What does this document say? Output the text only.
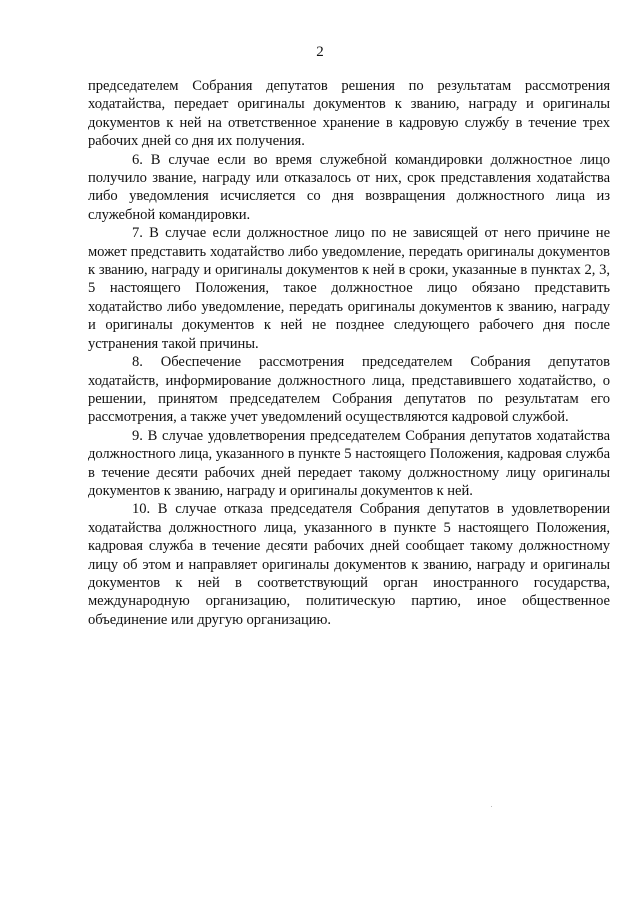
2

председателем Собрания депутатов решения по результатам рассмотрения ходатайства, передает оригиналы документов к званию, награду и оригиналы документов к ней на ответственное хранение в кадровую службу в течение трех рабочих дней со дня их получения.

6. В случае если во время служебной командировки должностное лицо получило звание, награду или отказалось от них, срок представления ходатайства либо уведомления исчисляется со дня возвращения должностного лица из служебной командировки.

7. В случае если должностное лицо по не зависящей от него причине не может представить ходатайство либо уведомление, передать оригиналы документов к званию, награду и оригиналы документов к ней в сроки, указанные в пунктах 2, 3, 5 настоящего Положения, такое должностное лицо обязано представить ходатайство либо уведомление, передать оригиналы документов к званию, награду и оригиналы документов к ней не позднее следующего рабочего дня после устранения такой причины.

8. Обеспечение рассмотрения председателем Собрания депутатов ходатайств, информирование должностного лица, представившего ходатайство, о решении, принятом председателем Собрания депутатов по результатам его рассмотрения, а также учет уведомлений осуществляются кадровой службой.

9. В случае удовлетворения председателем Собрания депутатов ходатайства должностного лица, указанного в пункте 5 настоящего Положения, кадровая служба в течение десяти рабочих дней передает такому должностному лицу оригиналы документов к званию, награду и оригиналы документов к ней.

10. В случае отказа председателя Собрания депутатов в удовлетворении ходатайства должностного лица, указанного в пункте 5 настоящего Положения, кадровая служба в течение десяти рабочих дней сообщает такому должностному лицу об этом и направляет оригиналы документов к званию, награду и оригиналы документов к ней в соответствующий орган иностранного государства, международную организацию, политическую партию, иное общественное объединение или другую организацию.
